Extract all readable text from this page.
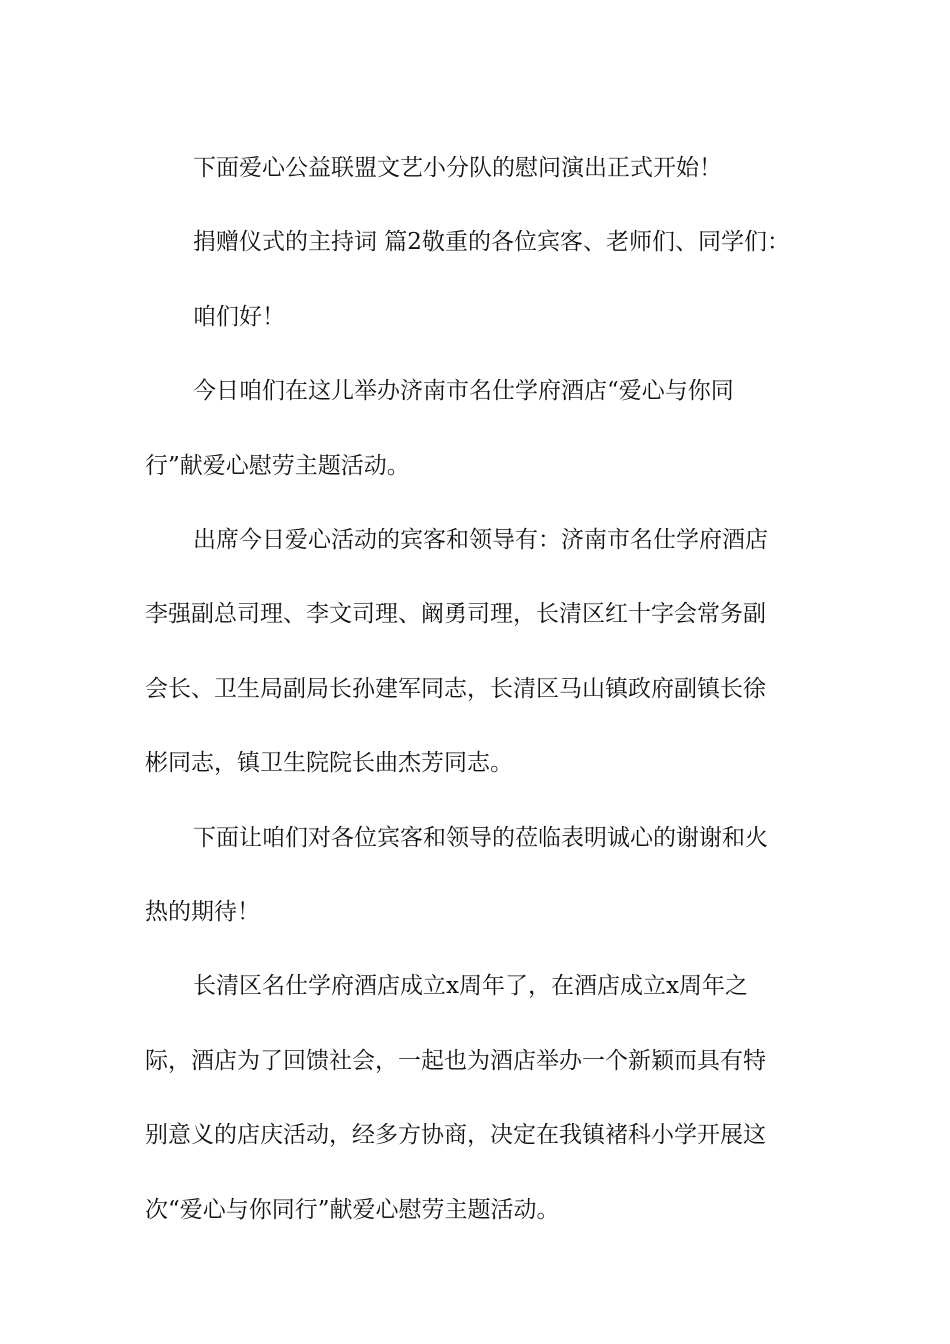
下面爱心公益联盟文艺小分队的慰问演出正式开始！

捐赠仪式的主持词 篇2敬重的各位宾客、老师们、同学们：

咱们好！

今日咱们在这儿举办济南市名仕学府酒店“爱心与你同
行”献爱心慰劳主题活动。

出席今日爱心活动的宾客和领导有：济南市名仕学府酒店
李强副总司理、李文司理、阚勇司理，长清区红十字会常务副
会长、卫生局副局长孙建军同志，长清区马山镇政府副镇长徐
彬同志，镇卫生院院长曲杰芳同志。

下面让咱们对各位宾客和领导的莅临表明诚心的谢谢和火
热的期待！

长清区名仕学府酒店成立x周年了，在酒店成立x周年之
际，酒店为了回馈社会，一起也为酒店举办一个新颖而具有特
别意义的店庆活动，经多方协商，决定在我镇褚科小学开展这
次“爱心与你同行”献爱心慰劳主题活动。
